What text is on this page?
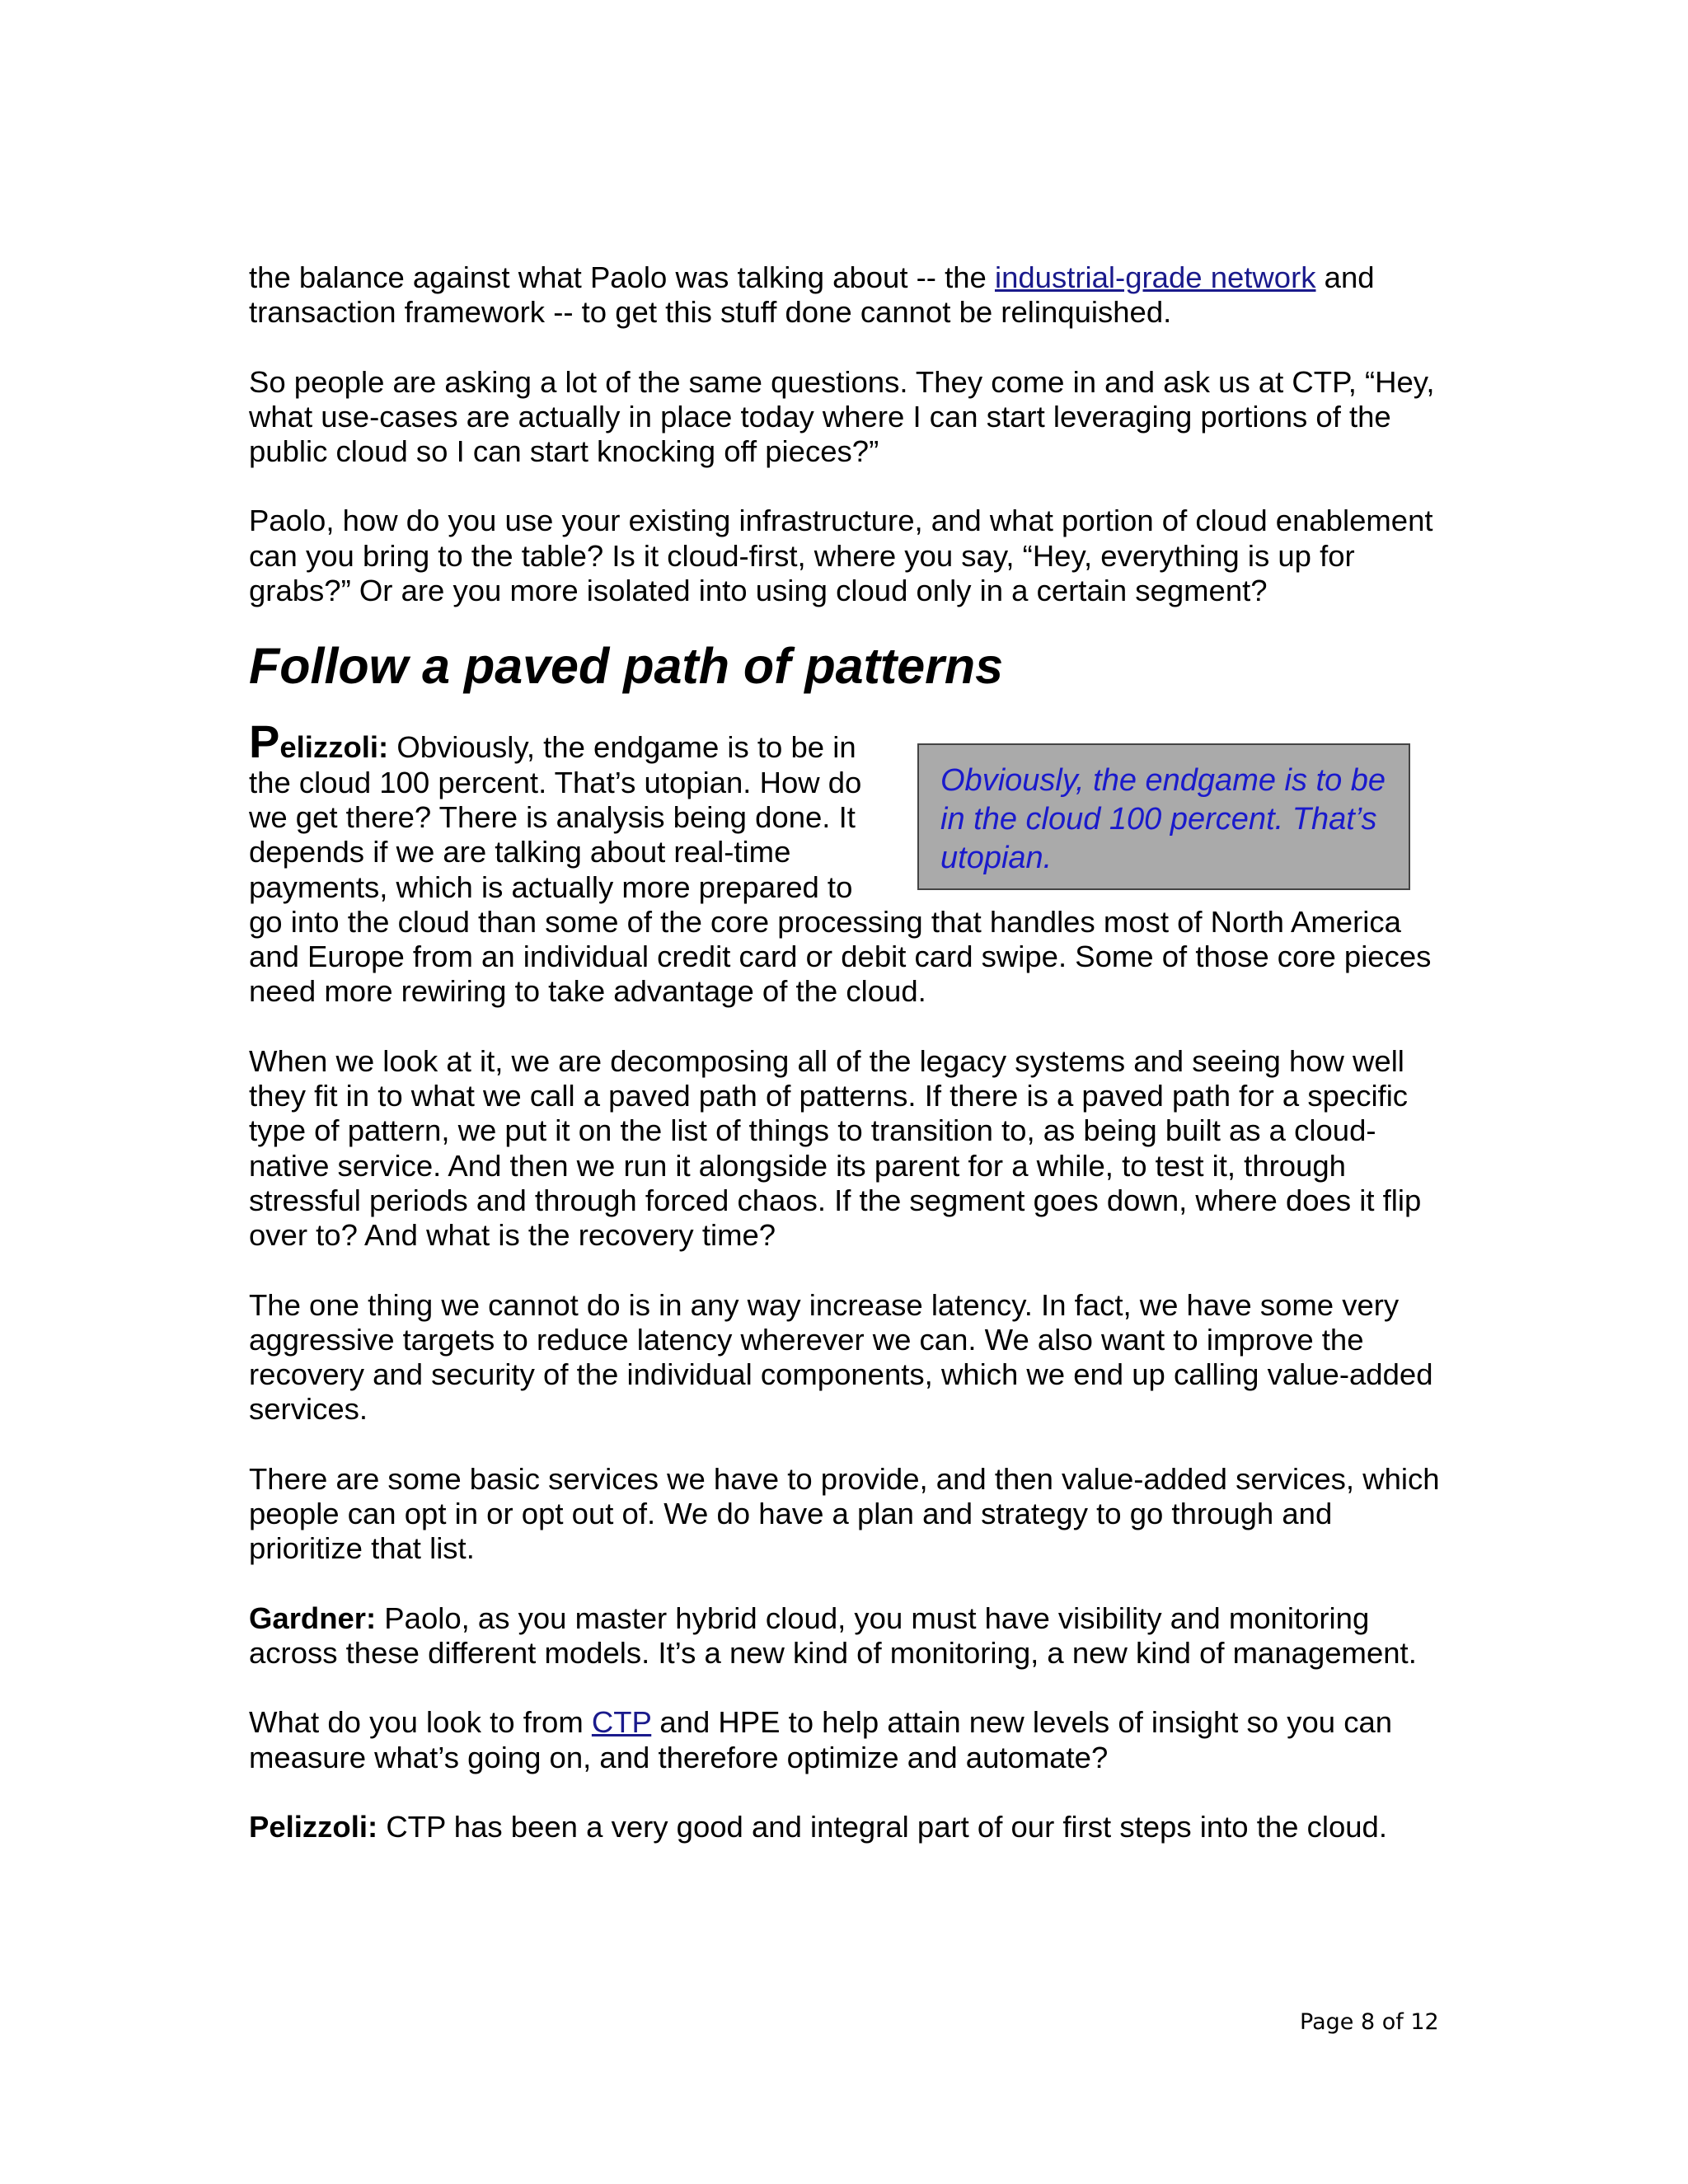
the balance against what Paolo was talking about -- the industrial-grade network and transaction framework -- to get this stuff done cannot be relinquished.

So people are asking a lot of the same questions. They come in and ask us at CTP, “Hey, what use-cases are actually in place today where I can start leveraging portions of the public cloud so I can start knocking off pieces?”

Paolo, how do you use your existing infrastructure, and what portion of cloud enablement can you bring to the table? Is it cloud-first, where you say, “Hey, everything is up for grabs?” Or are you more isolated into using cloud only in a certain segment?

Follow a paved path of patterns
Obviously, the endgame is to be in the cloud 100 percent. That’s utopian.
Pelizzoli: Obviously, the endgame is to be in the cloud 100 percent. That’s utopian. How do we get there? There is analysis being done. It depends if we are talking about real-time payments, which is actually more prepared to go into the cloud than some of the core processing that handles most of North America and Europe from an individual credit card or debit card swipe. Some of those core pieces need more rewiring to take advantage of the cloud.

When we look at it, we are decomposing all of the legacy systems and seeing how well they fit in to what we call a paved path of patterns. If there is a paved path for a specific type of pattern, we put it on the list of things to transition to, as being built as a cloud-native service. And then we run it alongside its parent for a while, to test it, through stressful periods and through forced chaos. If the segment goes down, where does it flip over to? And what is the recovery time?

The one thing we cannot do is in any way increase latency. In fact, we have some very aggressive targets to reduce latency wherever we can. We also want to improve the recovery and security of the individual components, which we end up calling value-added services.

There are some basic services we have to provide, and then value-added services, which people can opt in or opt out of. We do have a plan and strategy to go through and prioritize that list.

Gardner: Paolo, as you master hybrid cloud, you must have visibility and monitoring across these different models. It’s a new kind of monitoring, a new kind of management.

What do you look to from CTP and HPE to help attain new levels of insight so you can measure what’s going on, and therefore optimize and automate?

Pelizzoli: CTP has been a very good and integral part of our first steps into the cloud.

Page 8 of 12
